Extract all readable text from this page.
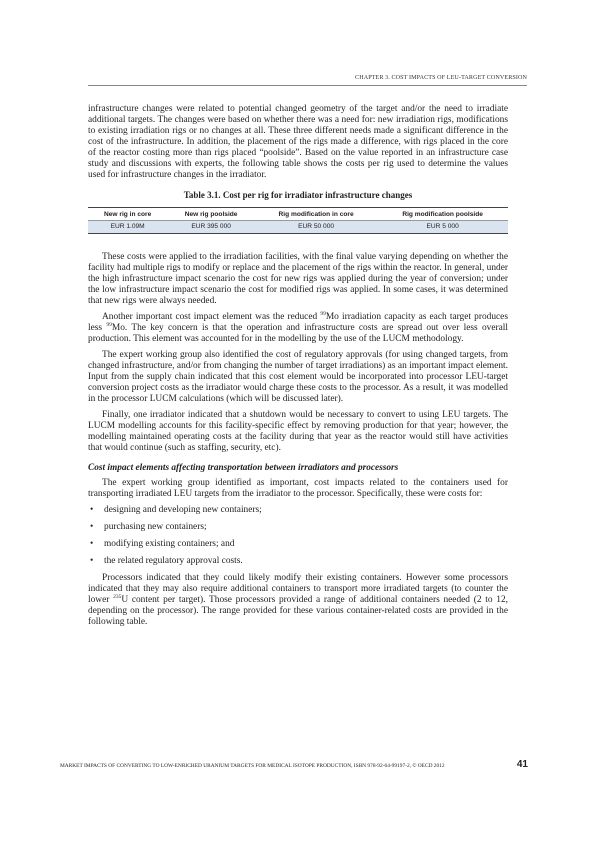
CHAPTER 3. COST IMPACTS OF LEU-TARGET CONVERSION

infrastructure changes were related to potential changed geometry of the target and/or the need to irradiate additional targets. The changes were based on whether there was a need for: new irradiation rigs, modifications to existing irradiation rigs or no changes at all. These three different needs made a significant difference in the cost of the infrastructure. In addition, the placement of the rigs made a difference, with rigs placed in the core of the reactor costing more than rigs placed “poolside”. Based on the value reported in an infrastructure case study and discussions with experts, the following table shows the costs per rig used to determine the values used for infrastructure changes in the irradiator.

Table 3.1. Cost per rig for irradiator infrastructure changes
New rig in core	New rig poolside	Rig modification in core	Rig modification poolside
EUR 1.09M	EUR 395 000	EUR 50 000	EUR 5 000

These costs were applied to the irradiation facilities, with the final value varying depending on whether the facility had multiple rigs to modify or replace and the placement of the rigs within the reactor. In general, under the high infrastructure impact scenario the cost for new rigs was applied during the year of conversion; under the low infrastructure impact scenario the cost for modified rigs was applied. In some cases, it was determined that new rigs were always needed.

Another important cost impact element was the reduced $^{99}$Mo irradiation capacity as each target produces less $^{99}$Mo. The key concern is that the operation and infrastructure costs are spread out over less overall production. This element was accounted for in the modelling by the use of the LUCM methodology.

The expert working group also identified the cost of regulatory approvals (for using changed targets, from changed infrastructure, and/or from changing the number of target irradiations) as an important impact element. Input from the supply chain indicated that this cost element would be incorporated into processor LEU-target conversion project costs as the irradiator would charge these costs to the processor. As a result, it was modelled in the processor LUCM calculations (which will be discussed later).

Finally, one irradiator indicated that a shutdown would be necessary to convert to using LEU targets. The LUCM modelling accounts for this facility-specific effect by removing production for that year; however, the modelling maintained operating costs at the facility during that year as the reactor would still have activities that would continue (such as staffing, security, etc).

Cost impact elements affecting transportation between irradiators and processors

The expert working group identified as important, cost impacts related to the containers used for transporting irradiated LEU targets from the irradiator to the processor. Specifically, these were costs for:

• designing and developing new containers;
• purchasing new containers;
• modifying existing containers; and
• the related regulatory approval costs.

Processors indicated that they could likely modify their existing containers. However some processors indicated that they may also require additional containers to transport more irradiated targets (to counter the lower $^{235}$U content per target). Those processors provided a range of additional containers needed (2 to 12, depending on the processor). The range provided for these various container-related costs are provided in the following table.

MARKET IMPACTS OF CONVERTING TO LOW-ENRICHED URANIUM TARGETS FOR MEDICAL ISOTOPE PRODUCTION, ISBN 978-92-64-99197-2, © OECD 2012	41
